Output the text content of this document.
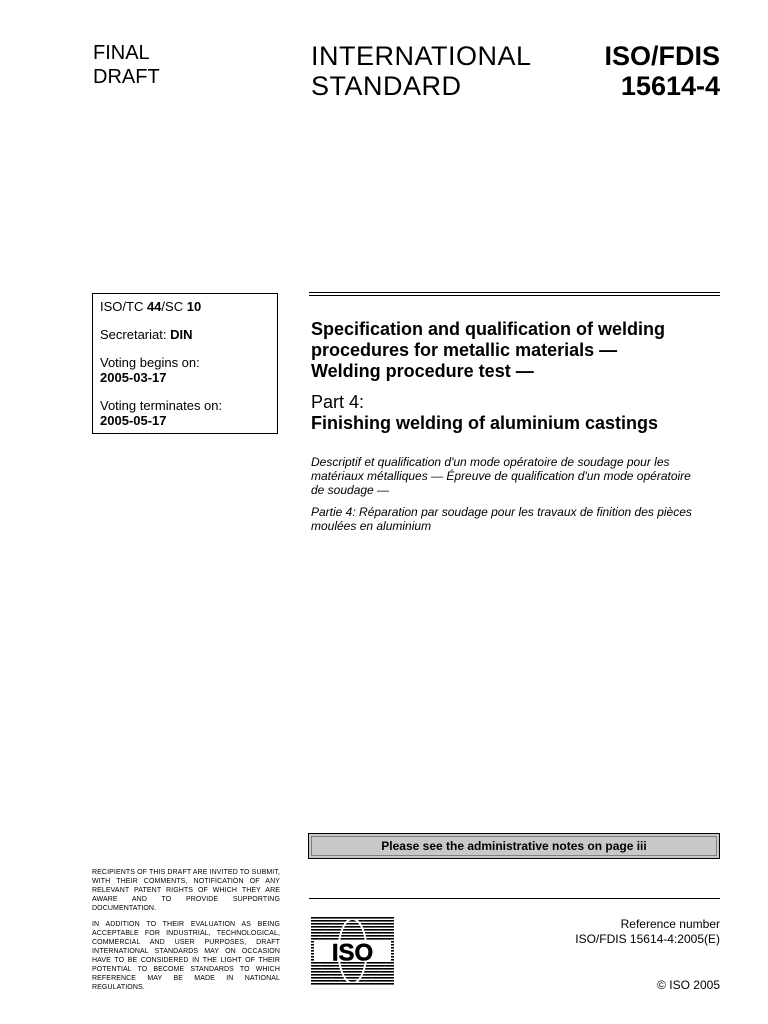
FINAL
DRAFT
INTERNATIONAL
STANDARD
ISO/FDIS
15614-4
ISO/TC 44/SC 10
Secretariat: DIN
Voting begins on:
2005-03-17
Voting terminates on:
2005-05-17
Specification and qualification of welding
procedures for metallic materials —
Welding procedure test —
Part 4:
Finishing welding of aluminium castings
Descriptif et qualification d'un mode opératoire de soudage pour les
matériaux métalliques — Épreuve de qualification d'un mode opératoire
de soudage —
Partie 4: Réparation par soudage pour les travaux de finition des pièces
moulées en aluminium
Please see the administrative notes on page iii
RECIPIENTS OF THIS DRAFT ARE INVITED TO SUBMIT, WITH THEIR COMMENTS, NOTIFICATION OF ANY RELEVANT PATENT RIGHTS OF WHICH THEY ARE AWARE AND TO PROVIDE SUPPORTING DOCUMENTATION.
IN ADDITION TO THEIR EVALUATION AS BEING ACCEPTABLE FOR INDUSTRIAL, TECHNOLOGICAL, COMMERCIAL AND USER PURPOSES, DRAFT INTERNATIONAL STANDARDS MAY ON OCCASION HAVE TO BE CONSIDERED IN THE LIGHT OF THEIR POTENTIAL TO BECOME STANDARDS TO WHICH REFERENCE MAY BE MADE IN NATIONAL REGULATIONS.
ISO
Reference number
ISO/FDIS 15614-4:2005(E)
© ISO 2005
